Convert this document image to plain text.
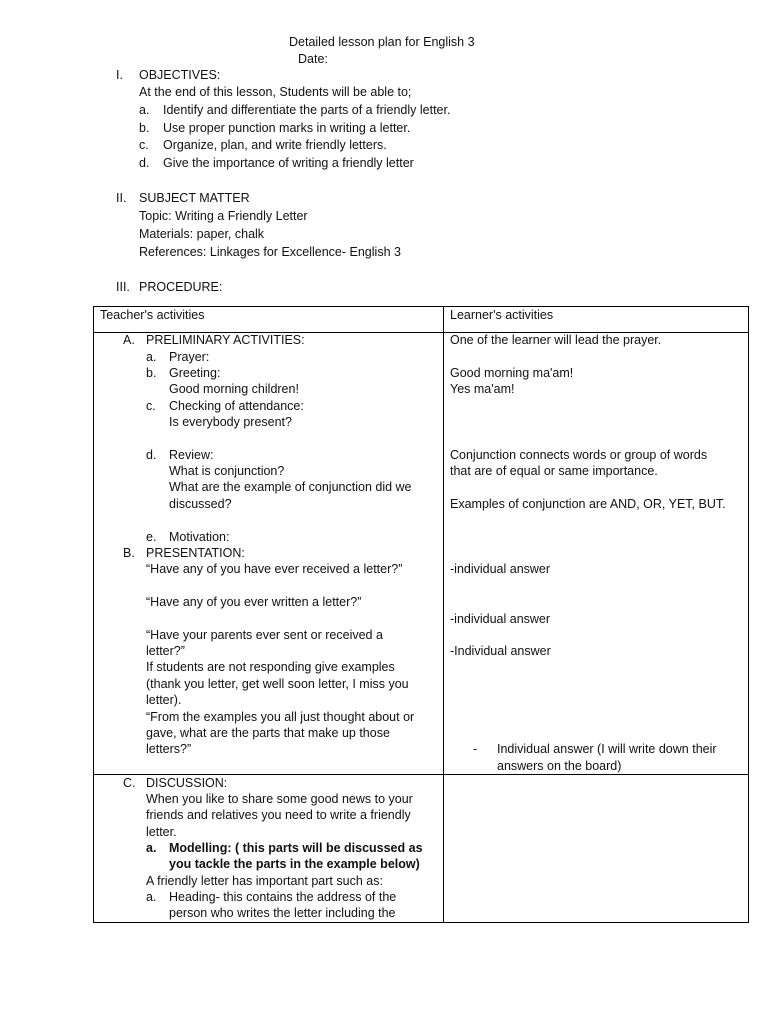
Detailed lesson plan for English 3
Date:
I. OBJECTIVES:
At the end of this lesson, Students will be able to;
a. Identify and differentiate the parts of a friendly letter.
b. Use proper punction marks in writing a letter.
c. Organize, plan, and write friendly letters.
d. Give the importance of writing a friendly letter
II. SUBJECT MATTER
Topic: Writing a Friendly Letter
Materials: paper, chalk
References: Linkages for Excellence- English 3
III. PROCEDURE:
Teacher's activities	Learner's activities
A. PRELIMINARY ACTIVITIES:
a. Prayer:
b. Greeting:
Good morning children!
c. Checking of attendance:
Is everybody present?
d. Review:
What is conjunction?
What are the example of conjunction did we
discussed?
e. Motivation:
B. PRESENTATION:
“Have any of you have ever received a letter?”
“Have any of you ever written a letter?”
“Have your parents ever sent or received a
letter?”
If students are not responding give examples
(thank you letter, get well soon letter, I miss you
letter).
“From the examples you all just thought about or
gave, what are the parts that make up those
letters?”
One of the learner will lead the prayer.
Good morning ma'am!
Yes ma'am!
Conjunction connects words or group of words
that are of equal or same importance.
Examples of conjunction are AND, OR, YET, BUT.
-individual answer
-individual answer
-Individual answer
- Individual answer (I will write down their
answers on the board)
C. DISCUSSION:
When you like to share some good news to your
friends and relatives you need to write a friendly
letter.
a. Modelling: ( this parts will be discussed as
you tackle the parts in the example below)
A friendly letter has important part such as:
a. Heading- this contains the address of the
person who writes the letter including the
